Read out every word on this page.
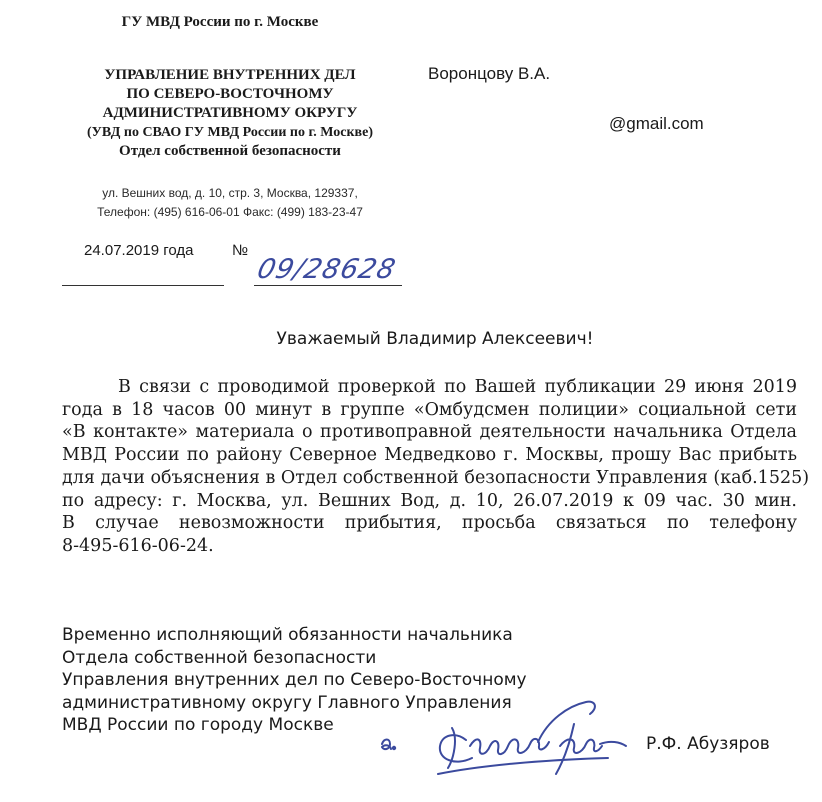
ГУ МВД России по г. Москве
УПРАВЛЕНИЕ ВНУТРЕННИХ ДЕЛ
ПО СЕВЕРО-ВОСТОЧНОМУ
АДМИНИСТРАТИВНОМУ ОКРУГУ
(УВД по СВАО ГУ МВД России по г. Москве)
Отдел собственной безопасности
ул. Вешних вод, д. 10, стр. 3, Москва, 129337,
Телефон: (495) 616-06-01 Факс: (499) 183-23-47
Воронцову В.А.
@gmail.com
24.07.2019 года	№
09/28628
Уважаемый Владимир Алексеевич!
В связи с проводимой проверкой по Вашей публикации 29 июня 2019
года в 18 часов 00 минут в группе «Омбудсмен полиции» социальной сети
«В контакте» материала о противоправной деятельности начальника Отдела
МВД России по району Северное Медведково г. Москвы, прошу Вас прибыть
для дачи объяснения в Отдел собственной безопасности Управления (каб.1525)
по адресу: г. Москва, ул. Вешних Вод, д. 10, 26.07.2019 к 09 час. 30 мин.
В случае невозможности прибытия, просьба связаться по телефону
8-495-616-06-24.
Временно исполняющий обязанности начальника
Отдела собственной безопасности
Управления внутренних дел по Северо-Восточному
административному округу Главного Управления
МВД России по городу Москве
Р.Ф. Абузяров
